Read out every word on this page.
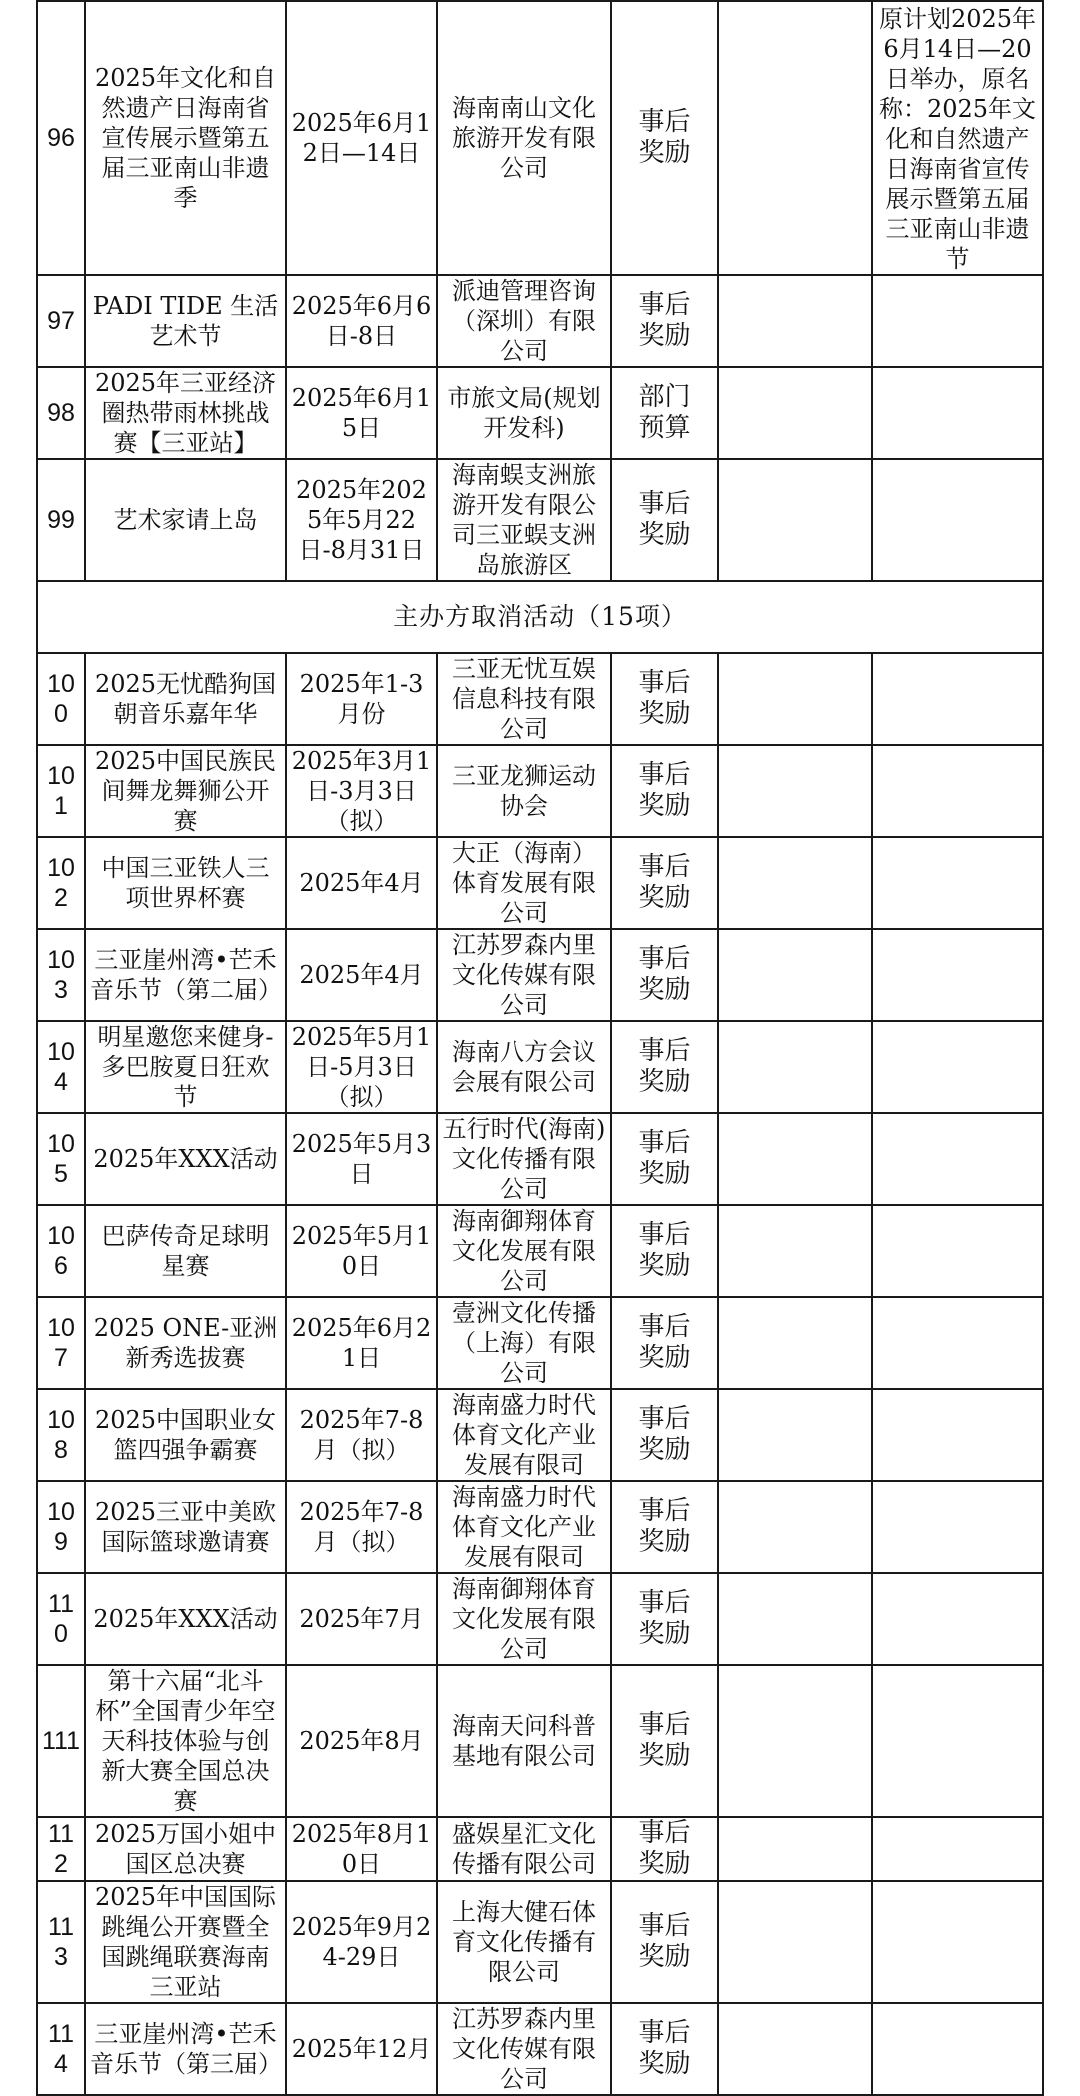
96	2025年文化和自然遗产日海南省宣传展示暨第五届三亚南山非遗季	2025年6月12日—14日	海南南山文化旅游开发有限公司	事后
奖励		原计划2025年6月14日—20日举办，原名称：2025年文化和自然遗产日海南省宣传展示暨第五届三亚南山非遗节

97	PADI TIDE 生活艺术节	2025年6月6日-8日	派迪管理咨询（深圳）有限公司	事后
奖励		

98	2025年三亚经济圈热带雨林挑战赛【三亚站】	2025年6月15日	市旅文局(规划开发科)	部门
预算		

99	艺术家请上岛	2025年2025年5月22日-8月31日	海南蜈支洲旅游开发有限公司三亚蜈支洲岛旅游区	事后
奖励		

主办方取消活动（15项）						

100	2025无忧酷狗国朝音乐嘉年华	2025年1-3月份	三亚无忧互娱信息科技有限公司	事后
奖励		

101	2025中国民族民间舞龙舞狮公开赛	2025年3月1日-3月3日（拟）	三亚龙狮运动协会	事后
奖励		

102	中国三亚铁人三项世界杯赛	2025年4月	大正（海南）体育发展有限公司	事后
奖励		

103	三亚崖州湾•芒禾音乐节（第二届）	2025年4月	江苏罗森内里文化传媒有限公司	事后
奖励		

104	明星邀您来健身-多巴胺夏日狂欢节	2025年5月1日-5月3日（拟）	海南八方会议会展有限公司	事后
奖励		

105	2025年XXX活动	2025年5月3日	五行时代(海南)文化传播有限公司	事后
奖励		

106	巴萨传奇足球明星赛	2025年5月10日	海南御翔体育文化发展有限公司	事后
奖励		

107	2025 ONE-亚洲新秀选拔赛	2025年6月21日	壹洲文化传播（上海）有限公司	事后
奖励		

108	2025中国职业女篮四强争霸赛	2025年7-8月（拟）	海南盛力时代体育文化产业发展有限司	事后
奖励		

109	2025三亚中美欧国际篮球邀请赛	2025年7-8月（拟）	海南盛力时代体育文化产业发展有限司	事后
奖励		

110	2025年XXX活动	2025年7月	海南御翔体育文化发展有限公司	事后
奖励		

111	第十六届“北斗杯”全国青少年空天科技体验与创新大赛全国总决赛	2025年8月	海南天问科普基地有限公司	事后
奖励		

112	2025万国小姐中国区总决赛	2025年8月10日	盛娱星汇文化传播有限公司	事后
奖励		

113	2025年中国国际跳绳公开赛暨全国跳绳联赛海南三亚站	2025年9月24-29日	上海大健石体育文化传播有限公司	事后
奖励		

114	三亚崖州湾•芒禾音乐节（第三届）	2025年12月	江苏罗森内里文化传媒有限公司	事后
奖励		
